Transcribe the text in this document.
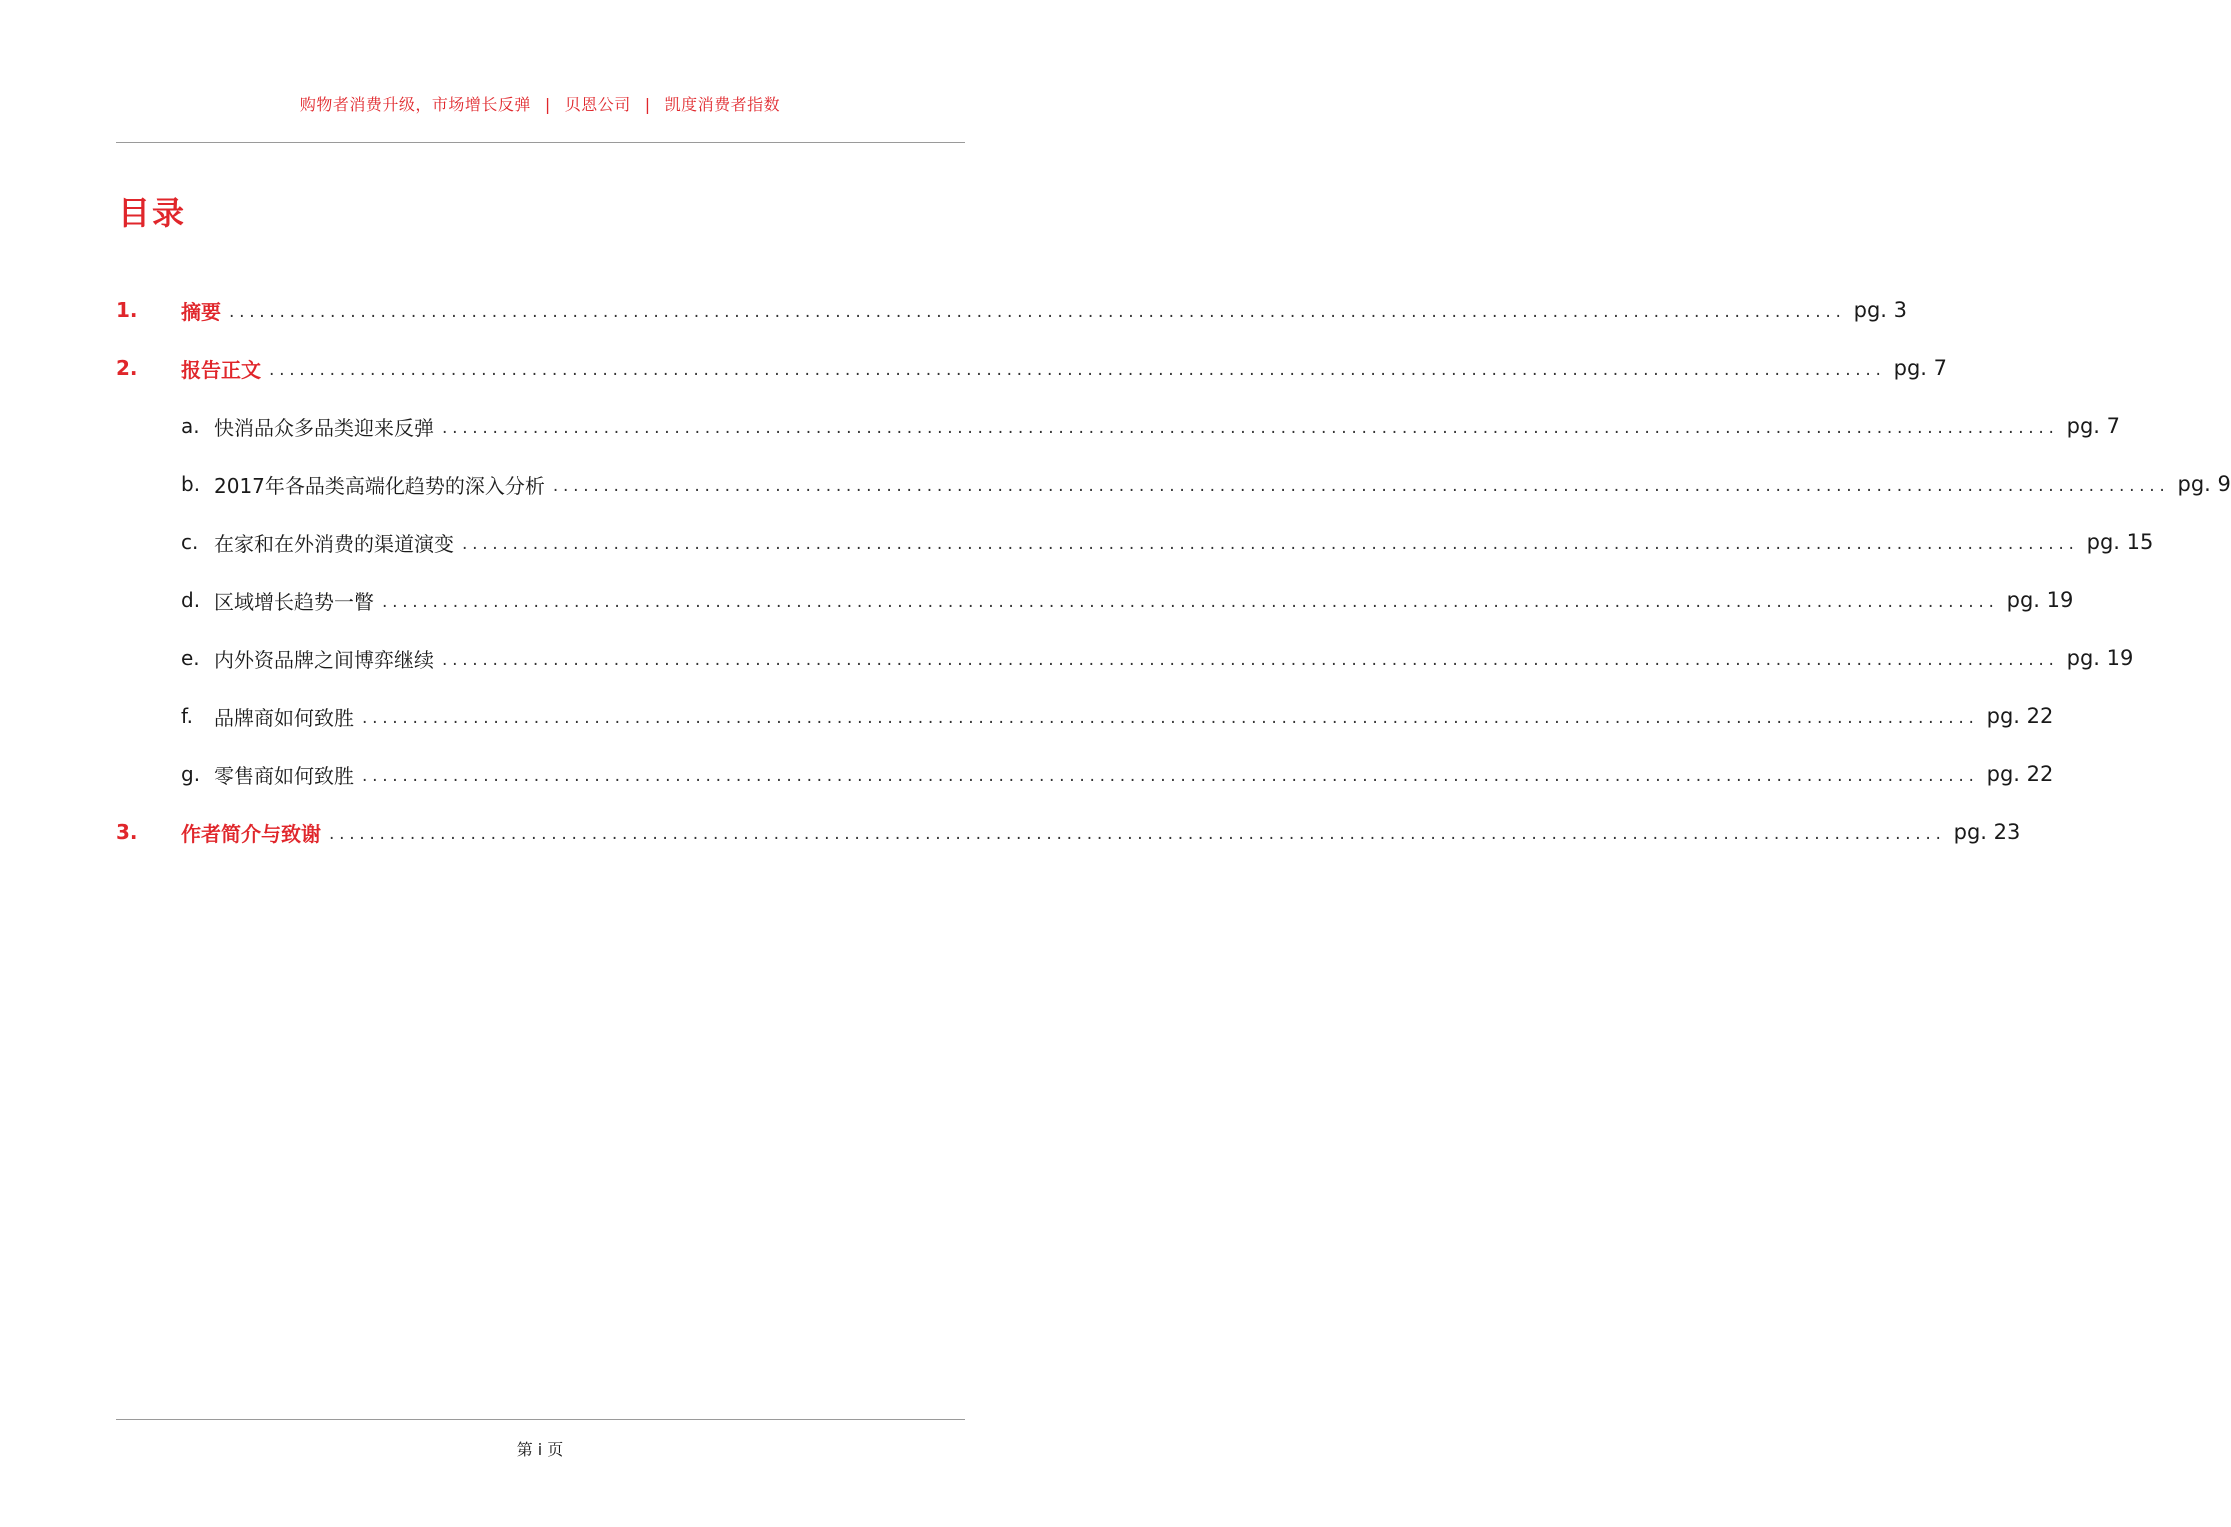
购物者消费升级，市场增长反弹 | 贝恩公司 | 凯度消费者指数
目录
1.	摘要 ................................................................................................................................................................ pg. 3
2.	报告正文 ................................................................................................................................................................ pg. 7
a. 快消品众多品类迎来反弹 ................................................................................................................................................................ pg. 7
b. 2017年各品类高端化趋势的深入分析 ................................................................................................................................................................ pg. 9
c. 在家和在外消费的渠道演变 ................................................................................................................................................................ pg. 15
d. 区域增长趋势一瞥 ................................................................................................................................................................ pg. 19
e. 内外资品牌之间博弈继续 ................................................................................................................................................................ pg. 19
f.	品牌商如何致胜 ................................................................................................................................................................ pg. 22
g. 零售商如何致胜 ................................................................................................................................................................ pg. 22
3.	作者简介与致谢 ................................................................................................................................................................ pg. 23
第 i 页
